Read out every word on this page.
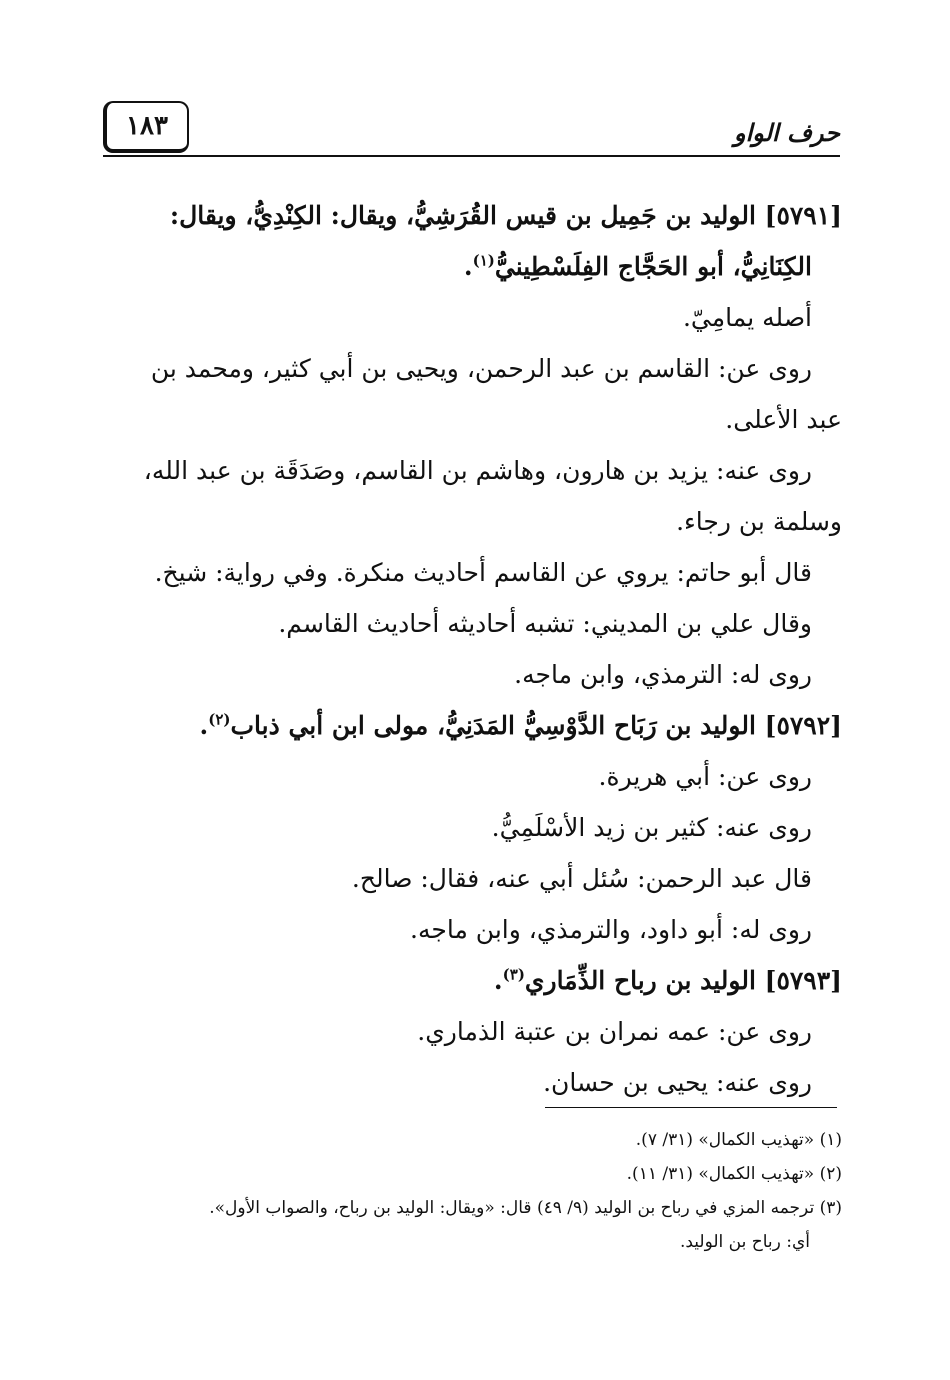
١٨٣	حرف الواو
[٥٧٩١] الوليد بن جَمِيل بن قيس القُرَشِيُّ، ويقال: الكِنْدِيُّ، ويقال:
الكِنَانِيُّ، أبو الحَجَّاج الفِلَسْطِينيُّ$^{(١)}$.
أصله يمامِيّ.
روى عن: القاسم بن عبد الرحمن، ويحيى بن أبي كثير، ومحمد بن
عبد الأعلى.
روى عنه: يزيد بن هارون، وهاشم بن القاسم، وصَدَقَة بن عبد الله،
وسلمة بن رجاء.
قال أبو حاتم: يروي عن القاسم أحاديث منكرة. وفي رواية: شيخ.
وقال علي بن المديني: تشبه أحاديثه أحاديث القاسم.
روى له: الترمذي، وابن ماجه.
[٥٧٩٢] الوليد بن رَبَاح الدَّوْسِيُّ المَدَنِيُّ، مولى ابن أبي ذباب$^{(٢)}$.
روى عن: أبي هريرة.
روى عنه: كثير بن زيد الأسْلَمِيُّ.
قال عبد الرحمن: سُئل أبي عنه، فقال: صالح.
روى له: أبو داود، والترمذي، وابن ماجه.
[٥٧٩٣] الوليد بن رباح الذِّمَاري$^{(٣)}$.
روى عن: عمه نمران بن عتبة الذماري.
روى عنه: يحيى بن حسان.
(١) «تهذيب الكمال» (٣١/ ٧).
(٢) «تهذيب الكمال» (٣١/ ١١).
(٣) ترجمه المزي في رباح بن الوليد (٩/ ٤٩) قال: «ويقال: الوليد بن رباح، والصواب الأول».
أي: رباح بن الوليد.
